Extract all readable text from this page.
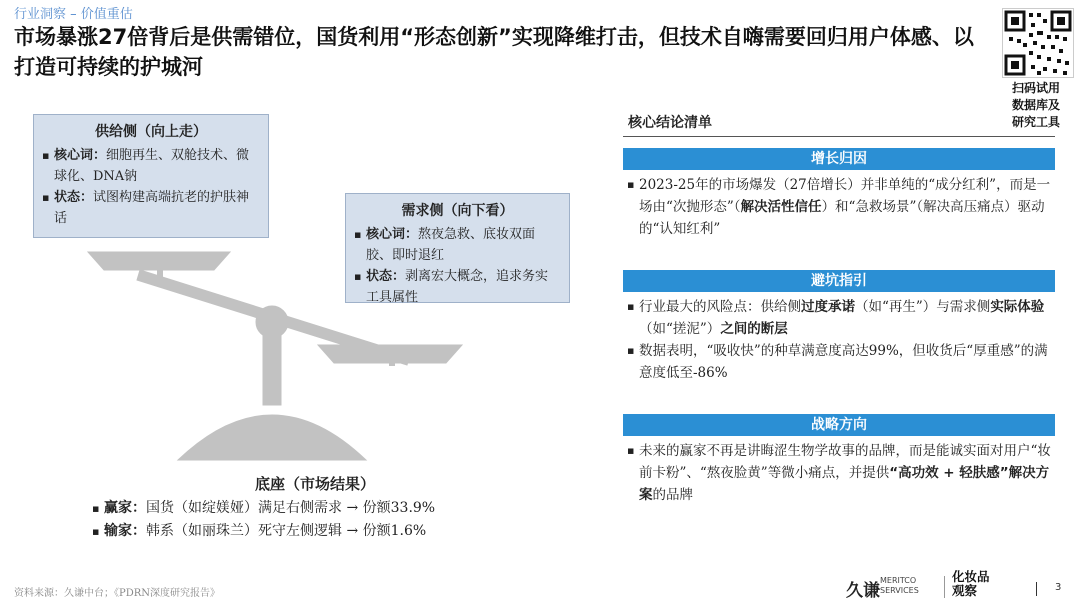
行业洞察 – 价值重估
市场暴涨27倍背后是供需错位，国货利用“形态创新”实现降维打击，但技术自嗨需要回归用户体感、以打造可持续的护城河
扫码试用
数据库及
研究工具
供给侧（向上走）
▪ 核心词：细胞再生、双舱技术、微球化、DNA钠
▪ 状态：试图构建高端抗老的护肤神话	需求侧（向下看）
▪ 核心词：熬夜急救、底妆双面胶、即时退红
▪ 状态：剥离宏大概念，追求务实工具属性
底座（市场结果）
▪ 赢家：国货（如绽媄娅）满足右侧需求 → 份额33.9%
▪ 输家：韩系（如丽珠兰）死守左侧逻辑 → 份额1.6%
核心结论清单
增长归因
▪ 2023-25年的市场爆发（27倍增长）并非单纯的“成分红利”，而是一场由“次抛形态”（解决活性信任）和“急救场景”（解决高压痛点）驱动的“认知红利”
避坑指引
▪ 行业最大的风险点：供给侧过度承诺（如“再生”）与需求侧实际体验（如“搓泥”）之间的断层
▪ 数据表明，“吸收快”的种草满意度高达99%，但收货后“厚重感”的满意度低至-86%
战略方向
▪ 未来的赢家不再是讲晦涩生物学故事的品牌，而是能诚实面对用户“妆前卡粉”、“熬夜脸黄”等微小痛点，并提供“高功效 + 轻肤感”解决方案的品牌
资料来源：久谦中台；《PDRN深度研究报告》	久谦
MERITCO
SERVICES
化妆品
观察	3
